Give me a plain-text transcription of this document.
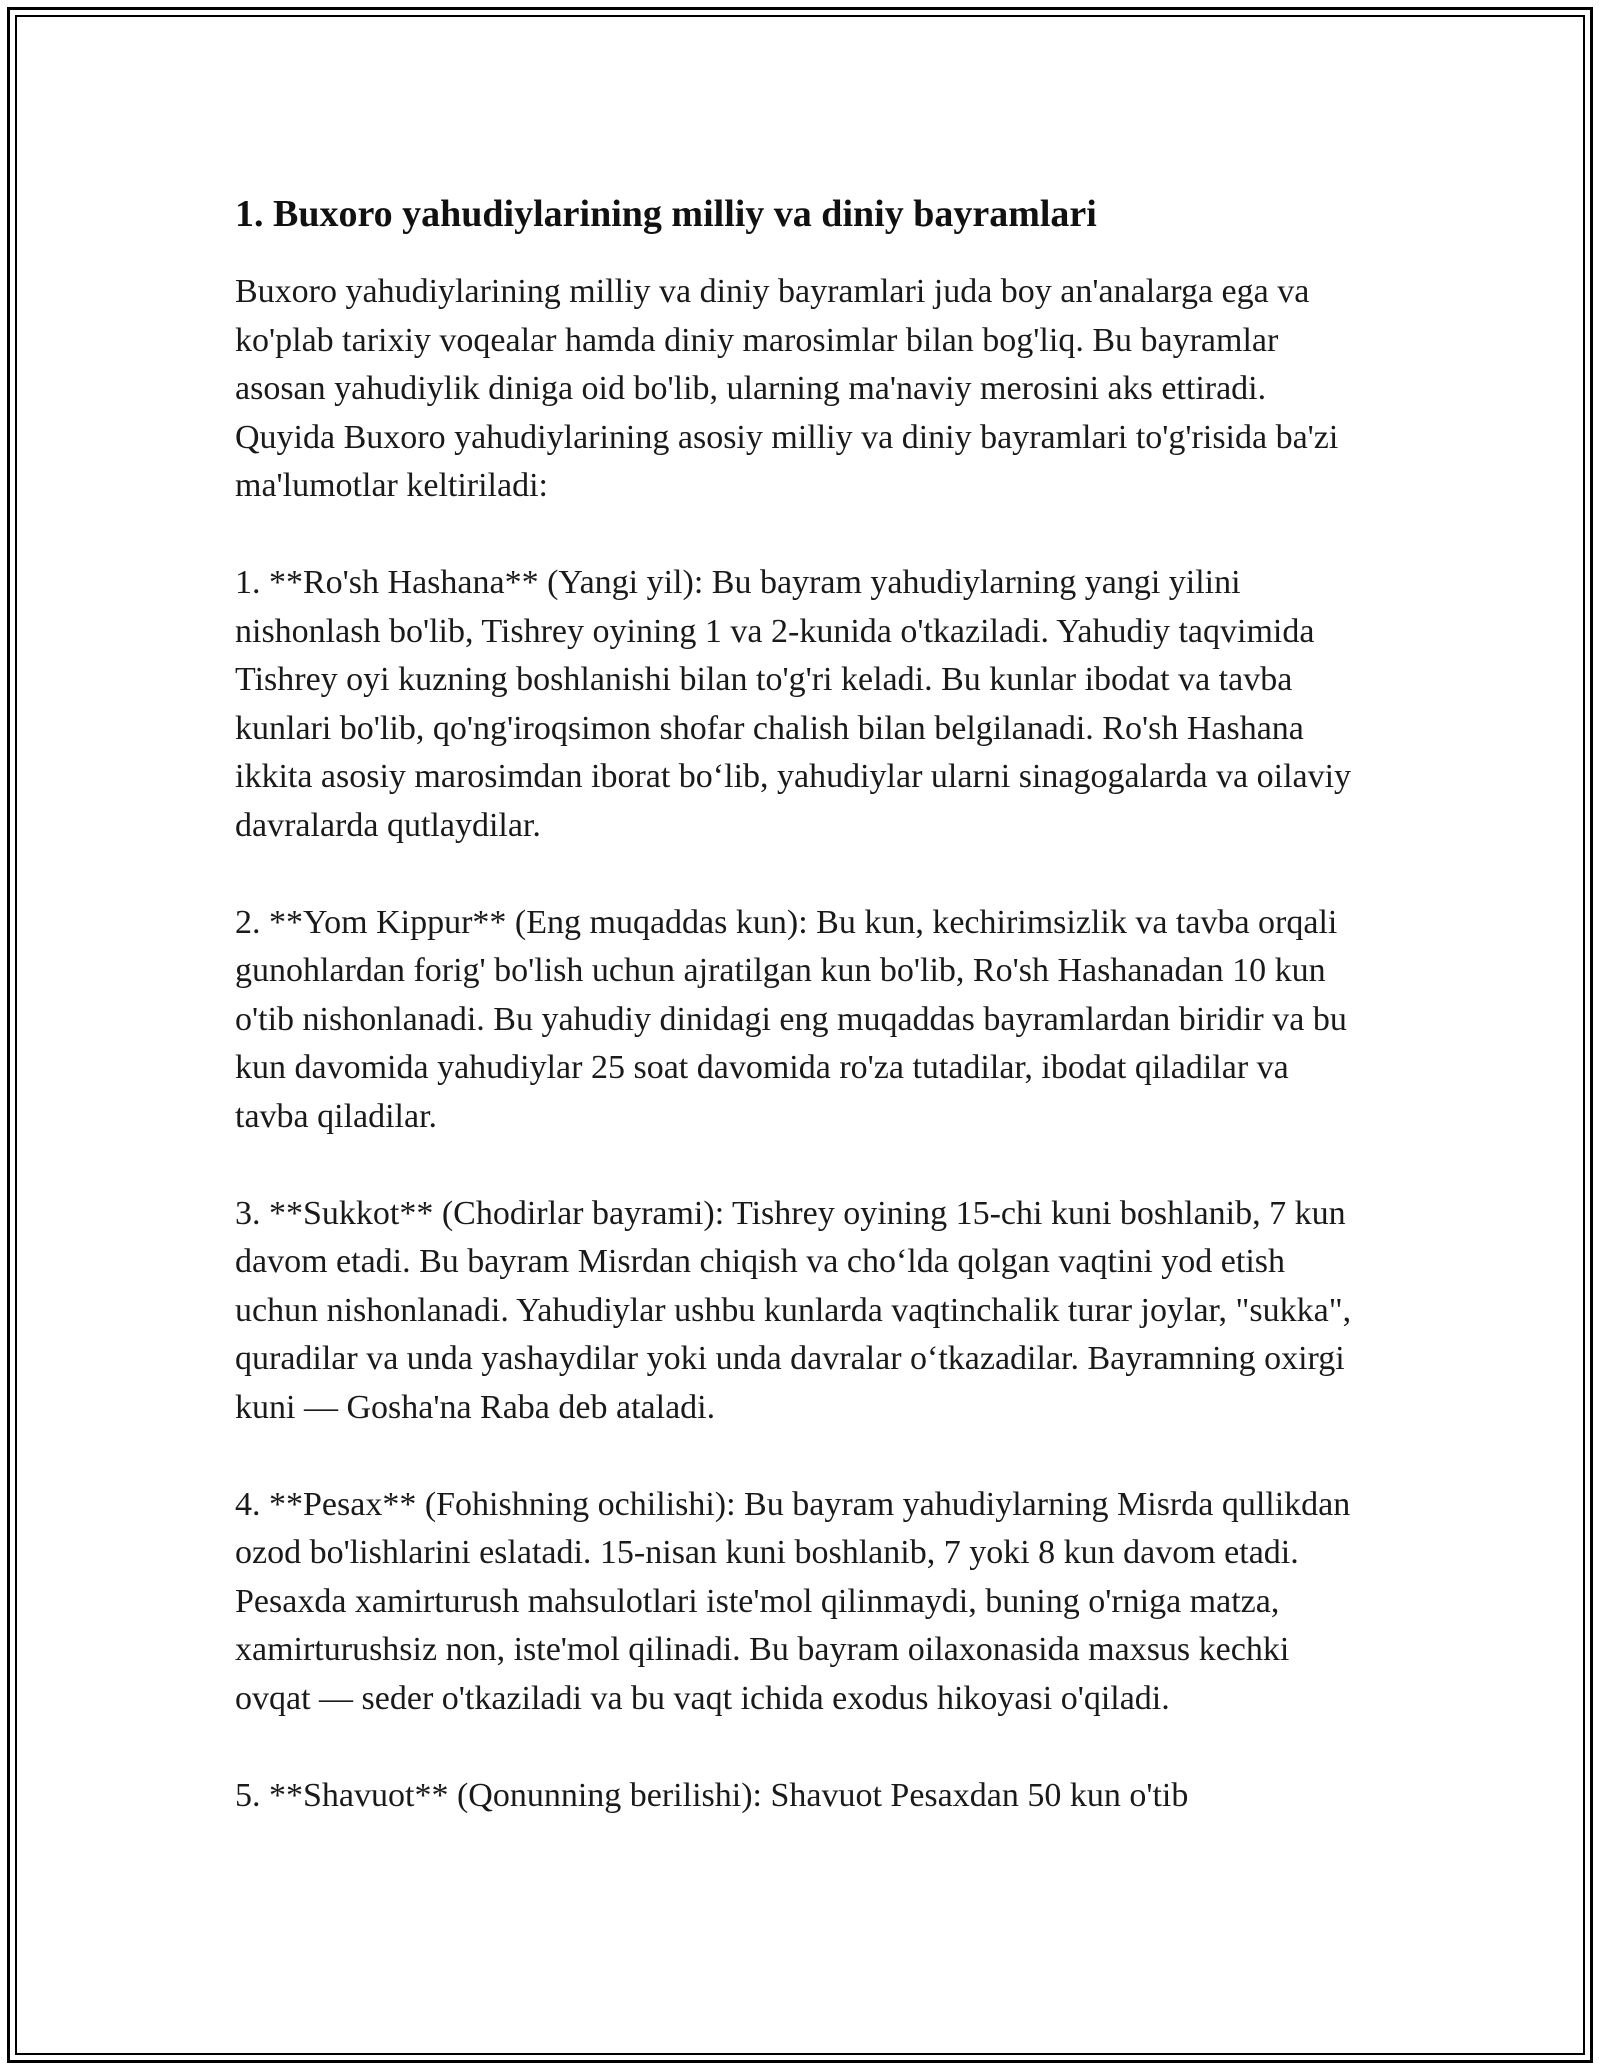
1. Buxoro yahudiylarining milliy va diniy bayramlari

Buxoro yahudiylarining milliy va diniy bayramlari juda boy an'analarga ega va ko'plab tarixiy voqealar hamda diniy marosimlar bilan bog'liq. Bu bayramlar asosan yahudiylik diniga oid bo'lib, ularning ma'naviy merosini aks ettiradi. Quyida Buxoro yahudiylarining asosiy milliy va diniy bayramlari to'g'risida ba'zi ma'lumotlar keltiriladi:

1. **Ro'sh Hashana** (Yangi yil): Bu bayram yahudiylarning yangi yilini nishonlash bo'lib, Tishrey oyining 1 va 2-kunida o'tkaziladi. Yahudiy taqvimida Tishrey oyi kuzning boshlanishi bilan to'g'ri keladi. Bu kunlar ibodat va tavba kunlari bo'lib, qo'ng'iroqsimon shofar chalish bilan belgilanadi. Ro'sh Hashana ikkita asosiy marosimdan iborat bo‘lib, yahudiylar ularni sinagogalarda va oilaviy davralarda qutlaydilar.

2. **Yom Kippur** (Eng muqaddas kun): Bu kun, kechirimsizlik va tavba orqali gunohlardan forig' bo'lish uchun ajratilgan kun bo'lib, Ro'sh Hashanadan 10 kun o'tib nishonlanadi. Bu yahudiy dinidagi eng muqaddas bayramlardan biridir va bu kun davomida yahudiylar 25 soat davomida ro'za tutadilar, ibodat qiladilar va tavba qiladilar.

3. **Sukkot** (Chodirlar bayrami): Tishrey oyining 15-chi kuni boshlanib, 7 kun davom etadi. Bu bayram Misrdan chiqish va cho‘lda qolgan vaqtini yod etish uchun nishonlanadi. Yahudiylar ushbu kunlarda vaqtinchalik turar joylar, "sukka", quradilar va unda yashaydilar yoki unda davralar o‘tkazadilar. Bayramning oxirgi kuni — Gosha'na Raba deb ataladi.

4. **Pesax** (Fohishning ochilishi): Bu bayram yahudiylarning Misrda qullikdan ozod bo'lishlarini eslatadi. 15-nisan kuni boshlanib, 7 yoki 8 kun davom etadi. Pesaxda xamirturush mahsulotlari iste'mol qilinmaydi, buning o'rniga matza, xamirturushsiz non, iste'mol qilinadi. Bu bayram oilaxonasida maxsus kechki ovqat — seder o'tkaziladi va bu vaqt ichida exodus hikoyasi o'qiladi.

5. **Shavuot** (Qonunning berilishi): Shavuot Pesaxdan 50 kun o'tib
